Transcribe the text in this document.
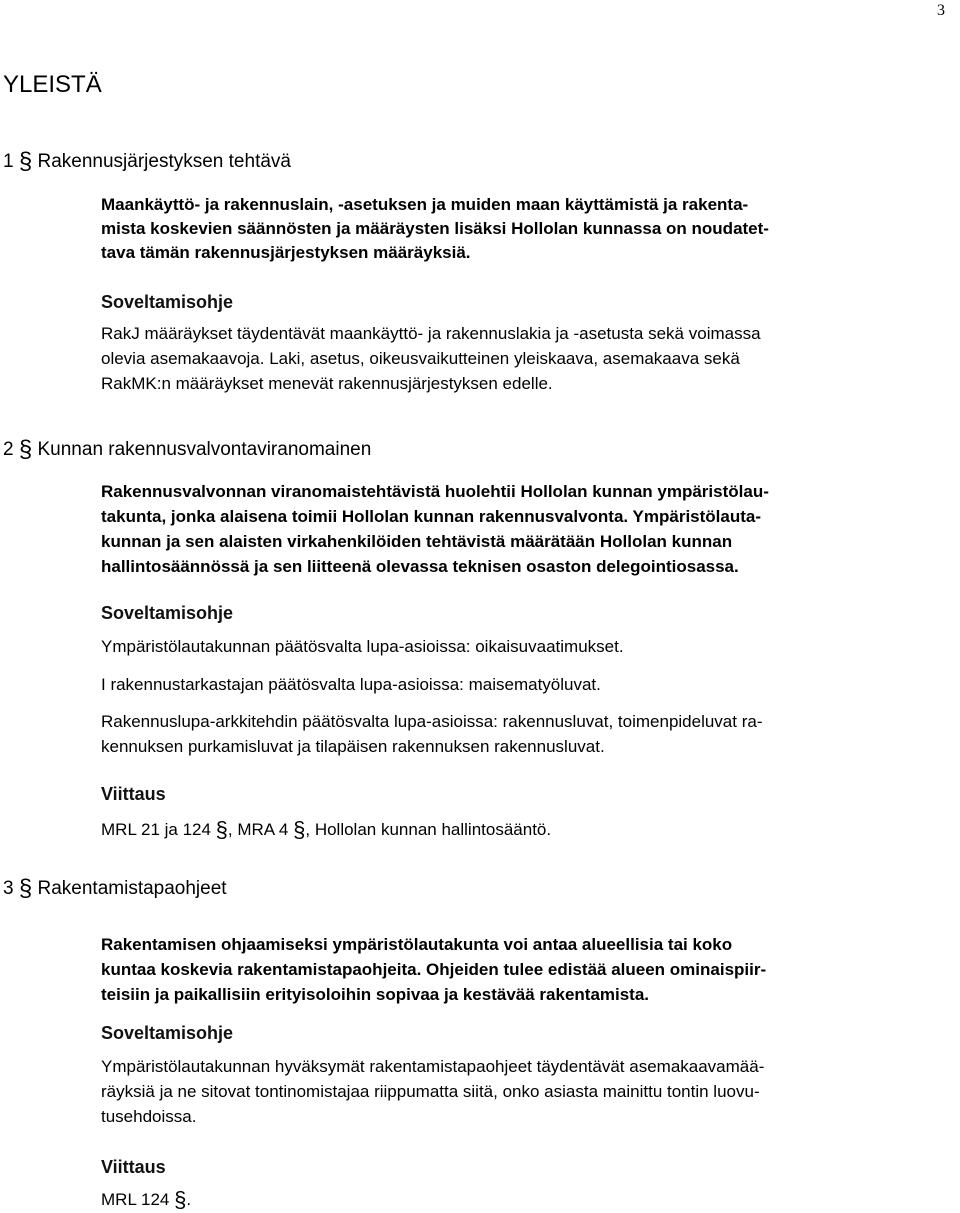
3
YLEISTÄ
1 § Rakennusjärjestyksen tehtävä
Maankäyttö- ja rakennuslain, -asetuksen ja muiden maan käyttämistä ja rakenta-
mista koskevien säännösten ja määräysten lisäksi Hollolan kunnassa on noudatet-
tava tämän rakennusjärjestyksen määräyksiä.
Soveltamisohje
RakJ määräykset täydentävät maankäyttö- ja rakennuslakia ja -asetusta sekä voimassa
olevia asemakaavoja. Laki, asetus, oikeusvaikutteinen yleiskaava, asemakaava sekä
RakMK:n määräykset menevät rakennusjärjestyksen edelle.
2 § Kunnan rakennusvalvontaviranomainen
Rakennusvalvonnan viranomaistehtävistä huolehtii Hollolan kunnan ympäristölau-
takunta, jonka alaisena toimii Hollolan kunnan rakennusvalvonta. Ympäristölauta-
kunnan ja sen alaisten virkahenkilöiden tehtävistä määrätään Hollolan kunnan
hallintosäännössä ja sen liitteenä olevassa teknisen osaston delegointiosassa.
Soveltamisohje
Ympäristölautakunnan päätösvalta lupa-asioissa: oikaisuvaatimukset.
I rakennustarkastajan päätösvalta lupa-asioissa: maisematyöluvat.
Rakennuslupa-arkkitehdin päätösvalta lupa-asioissa: rakennusluvat, toimenpideluvat ra-
kennuksen purkamisluvat ja tilapäisen rakennuksen rakennusluvat.
Viittaus
MRL 21 ja 124 §, MRA 4 §, Hollolan kunnan hallintosääntö.
3 § Rakentamistapaohjeet
Rakentamisen ohjaamiseksi ympäristölautakunta voi antaa alueellisia tai koko
kuntaa koskevia rakentamistapaohjeita. Ohjeiden tulee edistää alueen ominaispiir-
teisiin ja paikallisiin erityisoloihin sopivaa ja kestävää rakentamista.
Soveltamisohje
Ympäristölautakunnan hyväksymät rakentamistapaohjeet täydentävät asemakaavamää-
räyksiä ja ne sitovat tontinomistajaa riippumatta siitä, onko asiasta mainittu tontin luovu-
tusehdoissa.
Viittaus
MRL 124 §.
